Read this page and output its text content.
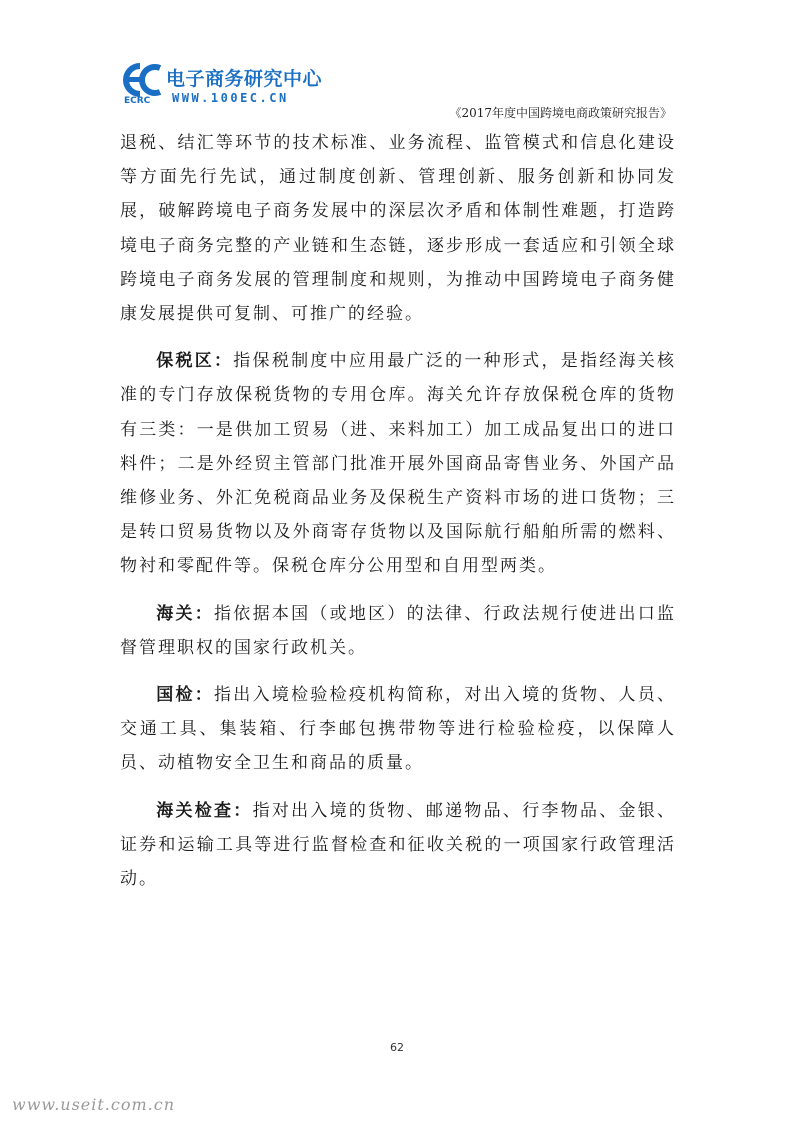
电子商务研究中心
ECRC WWW.100EC.CN
《2017年度中国跨境电商政策研究报告》

退税、结汇等环节的技术标准、业务流程、监管模式和信息化建设等方面先行先试，通过制度创新、管理创新、服务创新和协同发展，破解跨境电子商务发展中的深层次矛盾和体制性难题，打造跨境电子商务完整的产业链和生态链，逐步形成一套适应和引领全球跨境电子商务发展的管理制度和规则，为推动中国跨境电子商务健康发展提供可复制、可推广的经验。

保税区：指保税制度中应用最广泛的一种形式，是指经海关核准的专门存放保税货物的专用仓库。海关允许存放保税仓库的货物有三类：一是供加工贸易（进、来料加工）加工成品复出口的进口料件；二是外经贸主管部门批准开展外国商品寄售业务、外国产品维修业务、外汇免税商品业务及保税生产资料市场的进口货物；三是转口贸易货物以及外商寄存货物以及国际航行船舶所需的燃料、物衬和零配件等。保税仓库分公用型和自用型两类。

海关：指依据本国（或地区）的法律、行政法规行使进出口监督管理职权的国家行政机关。

国检：指出入境检验检疫机构简称，对出入境的货物、人员、交通工具、集装箱、行李邮包携带物等进行检验检疫，以保障人员、动植物安全卫生和商品的质量。

海关检查：指对出入境的货物、邮递物品、行李物品、金银、证券和运输工具等进行监督检查和征收关税的一项国家行政管理活动。

62
www.useit.com.cn
